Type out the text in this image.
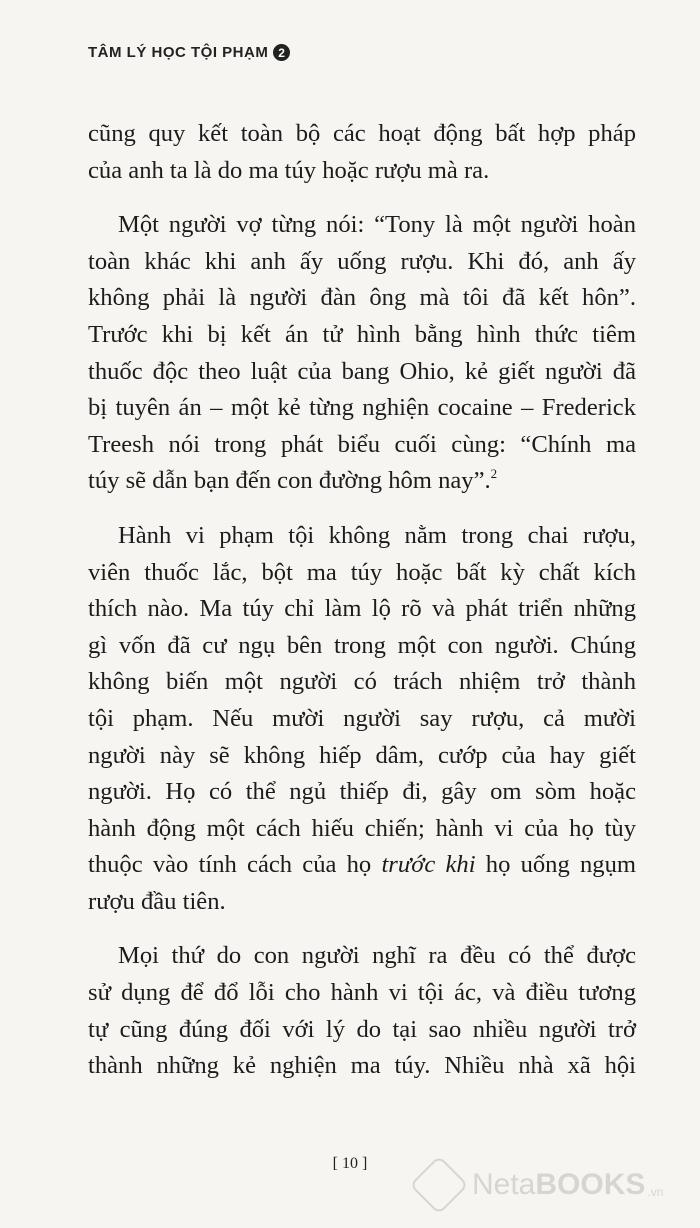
TÂM LÝ HỌC TỘI PHẠM 2
cũng quy kết toàn bộ các hoạt động bất hợp pháp
của anh ta là do ma túy hoặc rượu mà ra.
Một người vợ từng nói: “Tony là một người hoàn
toàn khác khi anh ấy uống rượu. Khi đó, anh ấy
không phải là người đàn ông mà tôi đã kết hôn”.
Trước khi bị kết án tử hình bằng hình thức tiêm
thuốc độc theo luật của bang Ohio, kẻ giết người đã
bị tuyên án – một kẻ từng nghiện cocaine – Frederick
Treesh nói trong phát biểu cuối cùng: “Chính ma
túy sẽ dẫn bạn đến con đường hôm nay”.$^2$
Hành vi phạm tội không nằm trong chai rượu,
viên thuốc lắc, bột ma túy hoặc bất kỳ chất kích
thích nào. Ma túy chỉ làm lộ rõ và phát triển những
gì vốn đã cư ngụ bên trong một con người. Chúng
không biến một người có trách nhiệm trở thành
tội phạm. Nếu mười người say rượu, cả mười
người này sẽ không hiếp dâm, cướp của hay giết
người. Họ có thể ngủ thiếp đi, gây om sòm hoặc
hành động một cách hiếu chiến; hành vi của họ tùy
thuộc vào tính cách của họ trước khi họ uống ngụm
rượu đầu tiên.
Mọi thứ do con người nghĩ ra đều có thể được
sử dụng để đổ lỗi cho hành vi tội ác, và điều tương
tự cũng đúng đối với lý do tại sao nhiều người trở
thành những kẻ nghiện ma túy. Nhiều nhà xã hội
[ 10 ]
NetaBOOKS .vn
